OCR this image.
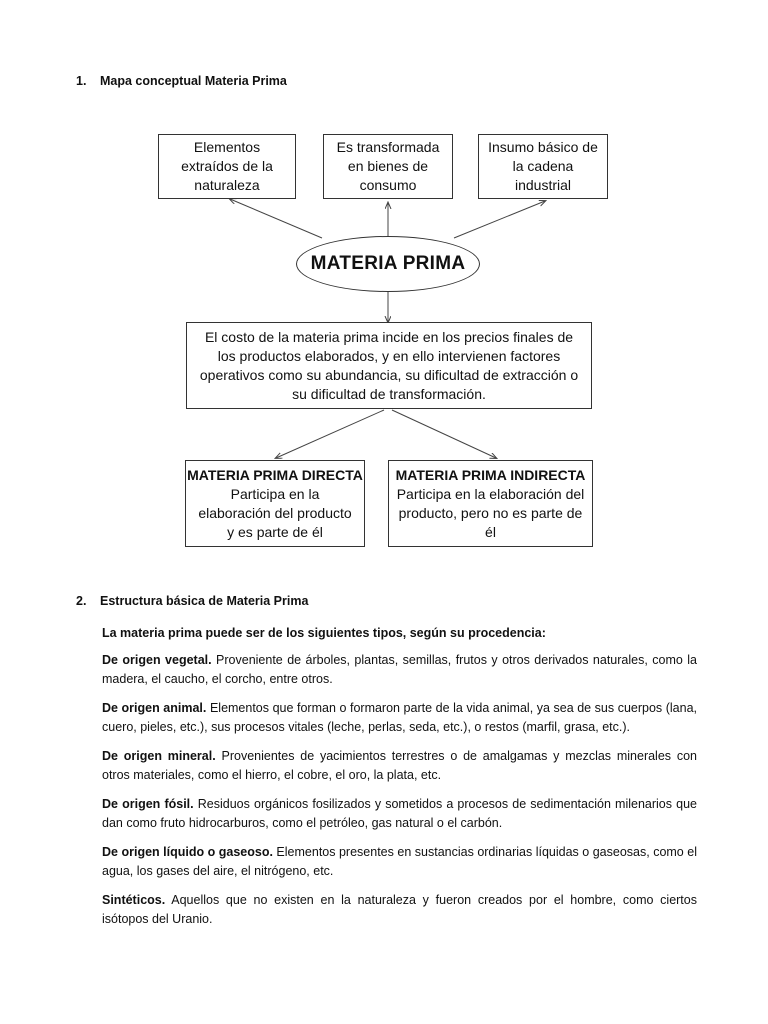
1. Mapa conceptual Materia Prima
Elementos
extraídos de la
naturaleza
Es transformada
en bienes de
consumo
Insumo básico de
la cadena
industrial
MATERIA PRIMA
El costo de la materia prima incide en los precios finales de
los productos elaborados, y en ello intervienen factores
operativos como su abundancia, su dificultad de extracción o
su dificultad de transformación.
MATERIA PRIMA DIRECTA
Participa en la
elaboración del producto
y es parte de él
MATERIA PRIMA INDIRECTA
Participa en la elaboración del
producto, pero no es parte de
él
2. Estructura básica de Materia Prima

La materia prima puede ser de los siguientes tipos, según su procedencia:

De origen vegetal. Proveniente de árboles, plantas, semillas, frutos y otros derivados naturales, como la madera, el caucho, el corcho, entre otros.

De origen animal. Elementos que forman o formaron parte de la vida animal, ya sea de sus cuerpos (lana, cuero, pieles, etc.), sus procesos vitales (leche, perlas, seda, etc.), o restos (marfil, grasa, etc.).

De origen mineral. Provenientes de yacimientos terrestres o de amalgamas y mezclas minerales con otros materiales, como el hierro, el cobre, el oro, la plata, etc.

De origen fósil. Residuos orgánicos fosilizados y sometidos a procesos de sedimentación milenarios que dan como fruto hidrocarburos, como el petróleo, gas natural o el carbón.

De origen líquido o gaseoso. Elementos presentes en sustancias ordinarias líquidas o gaseosas, como el agua, los gases del aire, el nitrógeno, etc.

Sintéticos. Aquellos que no existen en la naturaleza y fueron creados por el hombre, como ciertos isótopos del Uranio.
